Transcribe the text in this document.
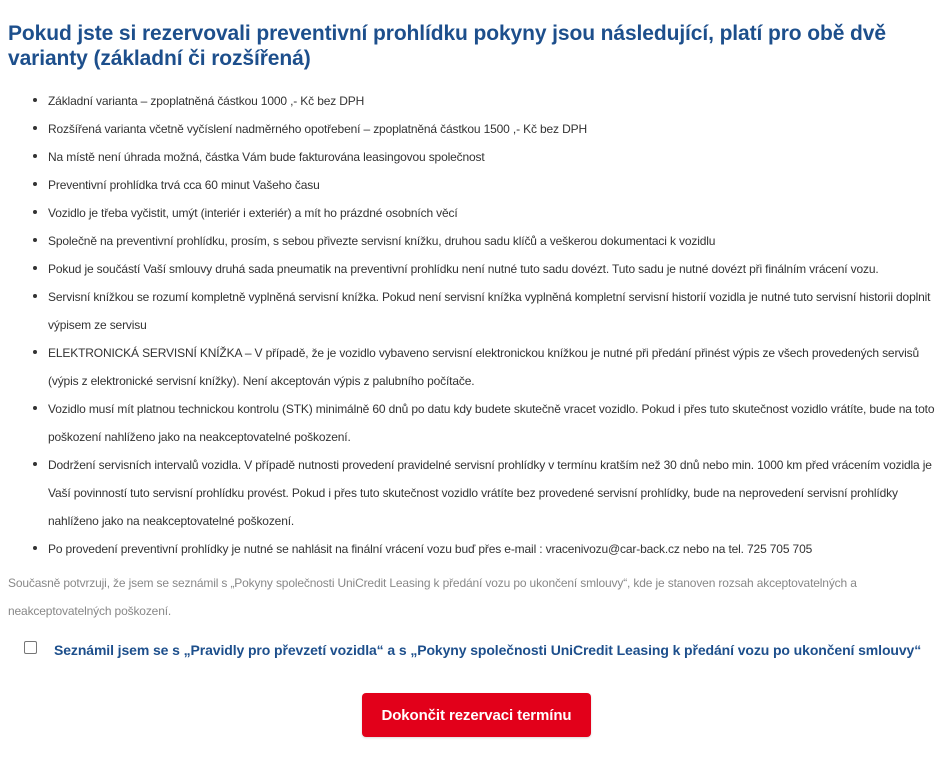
Pokud jste si rezervovali preventivní prohlídku pokyny jsou následující, platí pro obě dvě varianty (základní či rozšířená)
Základní varianta – zpoplatněná částkou 1000 ,- Kč bez DPH
Rozšířená varianta včetně vyčíslení nadměrného opotřebení – zpoplatněná částkou 1500 ,- Kč bez DPH
Na místě není úhrada možná, částka Vám bude fakturována leasingovou společnost
Preventivní prohlídka trvá cca 60 minut Vašeho času
Vozidlo je třeba vyčistit, umýt (interiér i exteriér) a mít ho prázdné osobních věcí
Společně na preventivní prohlídku, prosím, s sebou přivezte servisní knížku, druhou sadu klíčů a veškerou dokumentaci k vozidlu
Pokud je součástí Vaší smlouvy druhá sada pneumatik na preventivní prohlídku není nutné tuto sadu dovézt. Tuto sadu je nutné dovézt při finálním vrácení vozu.
Servisní knížkou se rozumí kompletně vyplněná servisní knížka. Pokud není servisní knížka vyplněná kompletní servisní historií vozidla je nutné tuto servisní historii doplnit výpisem ze servisu
ELEKTRONICKÁ SERVISNÍ KNÍŽKA – V případě, že je vozidlo vybaveno servisní elektronickou knížkou je nutné při předání přinést výpis ze všech provedených servisů (výpis z elektronické servisní knížky). Není akceptován výpis z palubního počítače.
Vozidlo musí mít platnou technickou kontrolu (STK) minimálně 60 dnů po datu kdy budete skutečně vracet vozidlo. Pokud i přes tuto skutečnost vozidlo vrátíte, bude na toto poškození nahlíženo jako na neakceptovatelné poškození.
Dodržení servisních intervalů vozidla. V případě nutnosti provedení pravidelné servisní prohlídky v termínu kratším než 30 dnů nebo min. 1000 km před vrácením vozidla je Vaší povinností tuto servisní prohlídku provést. Pokud i přes tuto skutečnost vozidlo vrátíte bez provedené servisní prohlídky, bude na neprovedení servisní prohlídky nahlíženo jako na neakceptovatelné poškození.
Po provedení preventivní prohlídky je nutné se nahlásit na finální vrácení vozu buď přes e-mail : vracenivozu@car-back.cz nebo na tel. 725 705 705

Současně potvrzuji, že jsem se seznámil s „Pokyny společnosti UniCredit Leasing k předání vozu po ukončení smlouvy“, kde je stanoven rozsah akceptovatelných a neakceptovatelných poškození.

Seznámil jsem se s „Pravidly pro převzetí vozidla“ a s „Pokyny společnosti UniCredit Leasing k předání vozu po ukončení smlouvy“
Dokončit rezervaci termínu
